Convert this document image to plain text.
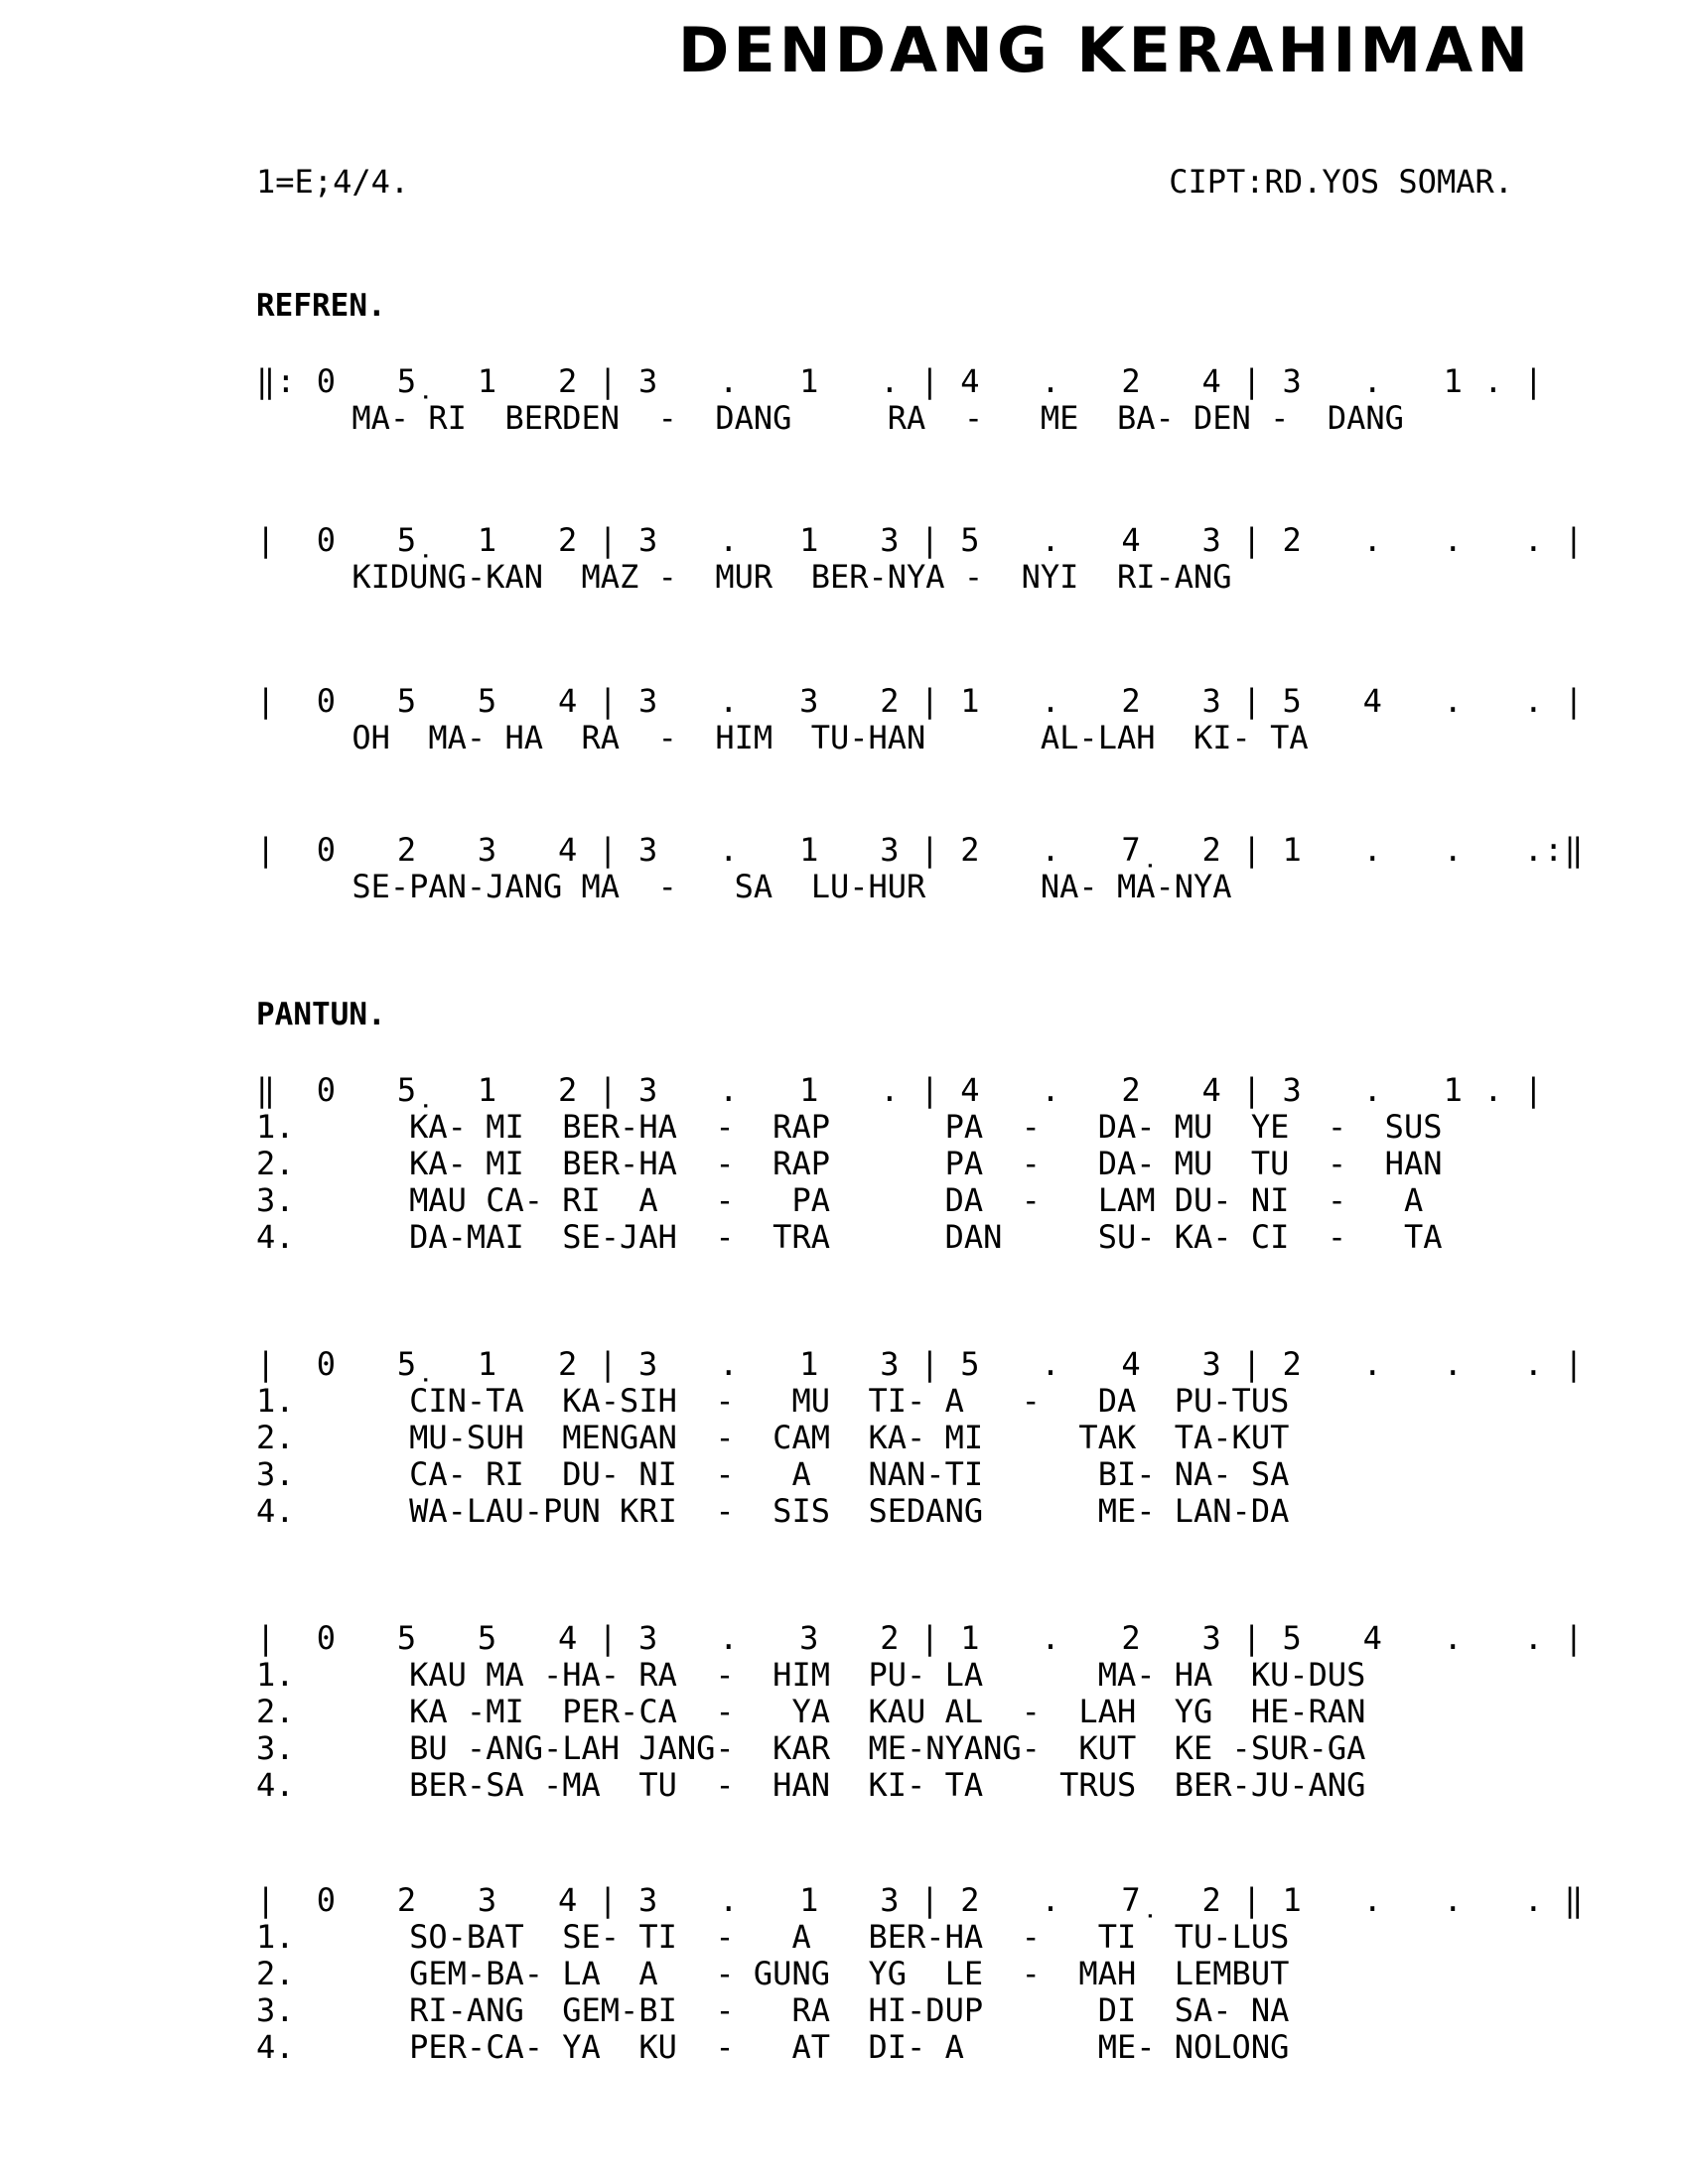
DENDANG KERAHIMAN
1=E;4/4.	CIPT:RD.YOS SOMAR.
REFREN.
‖: 0   5̣   1   2 | 3   .   1   . | 4   .   2   4 | 3   .   1 . |
MA- RI  BERDEN  -  DANG     RA  -   ME  BA- DEN -  DANG
|  0   5̣   1   2 | 3   .   1   3 | 5   .   4   3 | 2   .   .   . |
KIDUNG-KAN  MAZ -  MUR  BER-NYA -  NYI  RI-ANG
|  0   5   5   4 | 3   .   3   2 | 1   .   2   3 | 5   4   .   . |
OH  MA- HA  RA  -  HIM  TU-HAN      AL-LAH  KI- TA
|  0   2   3   4 | 3   .   1   3 | 2   .   7̣   2 | 1   .   .   .:‖
SE-PAN-JANG MA  -   SA  LU-HUR      NA- MA-NYA
PANTUN.
‖  0   5̣   1   2 | 3   .   1   . | 4   .   2   4 | 3   .   1 . |
1.      KA- MI  BER-HA  -  RAP      PA  -   DA- MU  YE  -  SUS
2.      KA- MI  BER-HA  -  RAP      PA  -   DA- MU  TU  -  HAN
3.      MAU CA- RI  A   -   PA      DA  -   LAM DU- NI  -   A
4.      DA-MAI  SE-JAH  -  TRA      DAN     SU- KA- CI  -   TA
|  0   5̣   1   2 | 3   .   1   3 | 5   .   4   3 | 2   .   .   . |
1.      CIN-TA  KA-SIH  -   MU  TI- A   -   DA  PU-TUS
2.      MU-SUH  MENGAN  -  CAM  KA- MI     TAK  TA-KUT
3.      CA- RI  DU- NI  -   A   NAN-TI      BI- NA- SA
4.      WA-LAU-PUN KRI  -  SIS  SEDANG      ME- LAN-DA
|  0   5   5   4 | 3   .   3   2 | 1   .   2   3 | 5   4   .   . |
1.      KAU MA -HA- RA  -  HIM  PU- LA      MA- HA  KU-DUS
2.      KA -MI  PER-CA  -   YA  KAU AL  -  LAH  YG  HE-RAN
3.      BU -ANG-LAH JANG-  KAR  ME-NYANG-  KUT  KE -SUR-GA
4.      BER-SA -MA  TU  -  HAN  KI- TA    TRUS  BER-JU-ANG
|  0   2   3   4 | 3   .   1   3 | 2   .   7̣   2 | 1   .   .   . ‖
1.      SO-BAT  SE- TI  -   A   BER-HA  -   TI  TU-LUS
2.      GEM-BA- LA  A   - GUNG  YG  LE  -  MAH  LEMBUT
3.      RI-ANG  GEM-BI  -   RA  HI-DUP      DI  SA- NA
4.      PER-CA- YA  KU  -   AT  DI- A       ME- NOLONG
